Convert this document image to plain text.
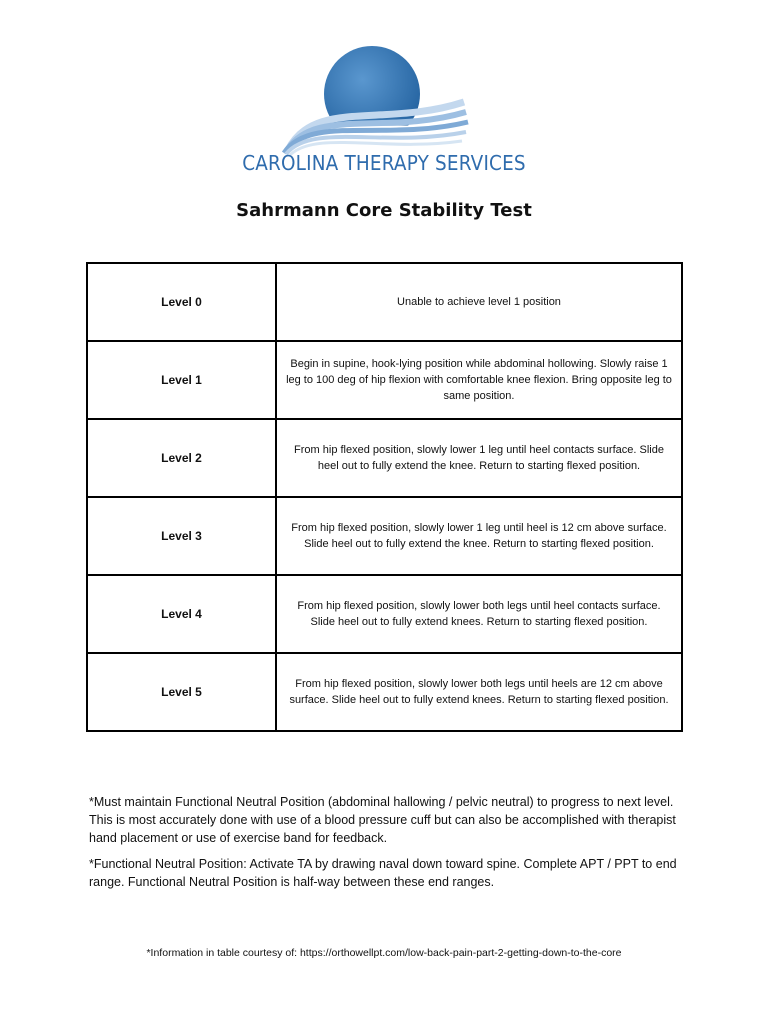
CAROLINA THERAPY SERVICES
Sahrmann Core Stability Test
Level 0	Unable to achieve level 1 position
Level 1	Begin in supine, hook-lying position while abdominal hollowing. Slowly raise 1 leg to 100 deg of hip flexion with comfortable knee flexion. Bring opposite leg to same position.
Level 2	From hip flexed position, slowly lower 1 leg until heel contacts surface. Slide heel out to fully extend the knee. Return to starting flexed position.
Level 3	From hip flexed position, slowly lower 1 leg until heel is 12 cm above surface. Slide heel out to fully extend the knee. Return to starting flexed position.
Level 4	From hip flexed position, slowly lower both legs until heel contacts surface. Slide heel out to fully extend knees. Return to starting flexed position.
Level 5	From hip flexed position, slowly lower both legs until heels are 12 cm above surface. Slide heel out to fully extend knees. Return to starting flexed position.

*Must maintain Functional Neutral Position (abdominal hallowing / pelvic neutral) to progress to next level. This is most accurately done with use of a blood pressure cuff but can also be accomplished with therapist hand placement or use of exercise band for feedback.

*Functional Neutral Position: Activate TA by drawing naval down toward spine. Complete APT / PPT to end range. Functional Neutral Position is half-way between these end ranges.

*Information in table courtesy of: https://orthowellpt.com/low-back-pain-part-2-getting-down-to-the-core
